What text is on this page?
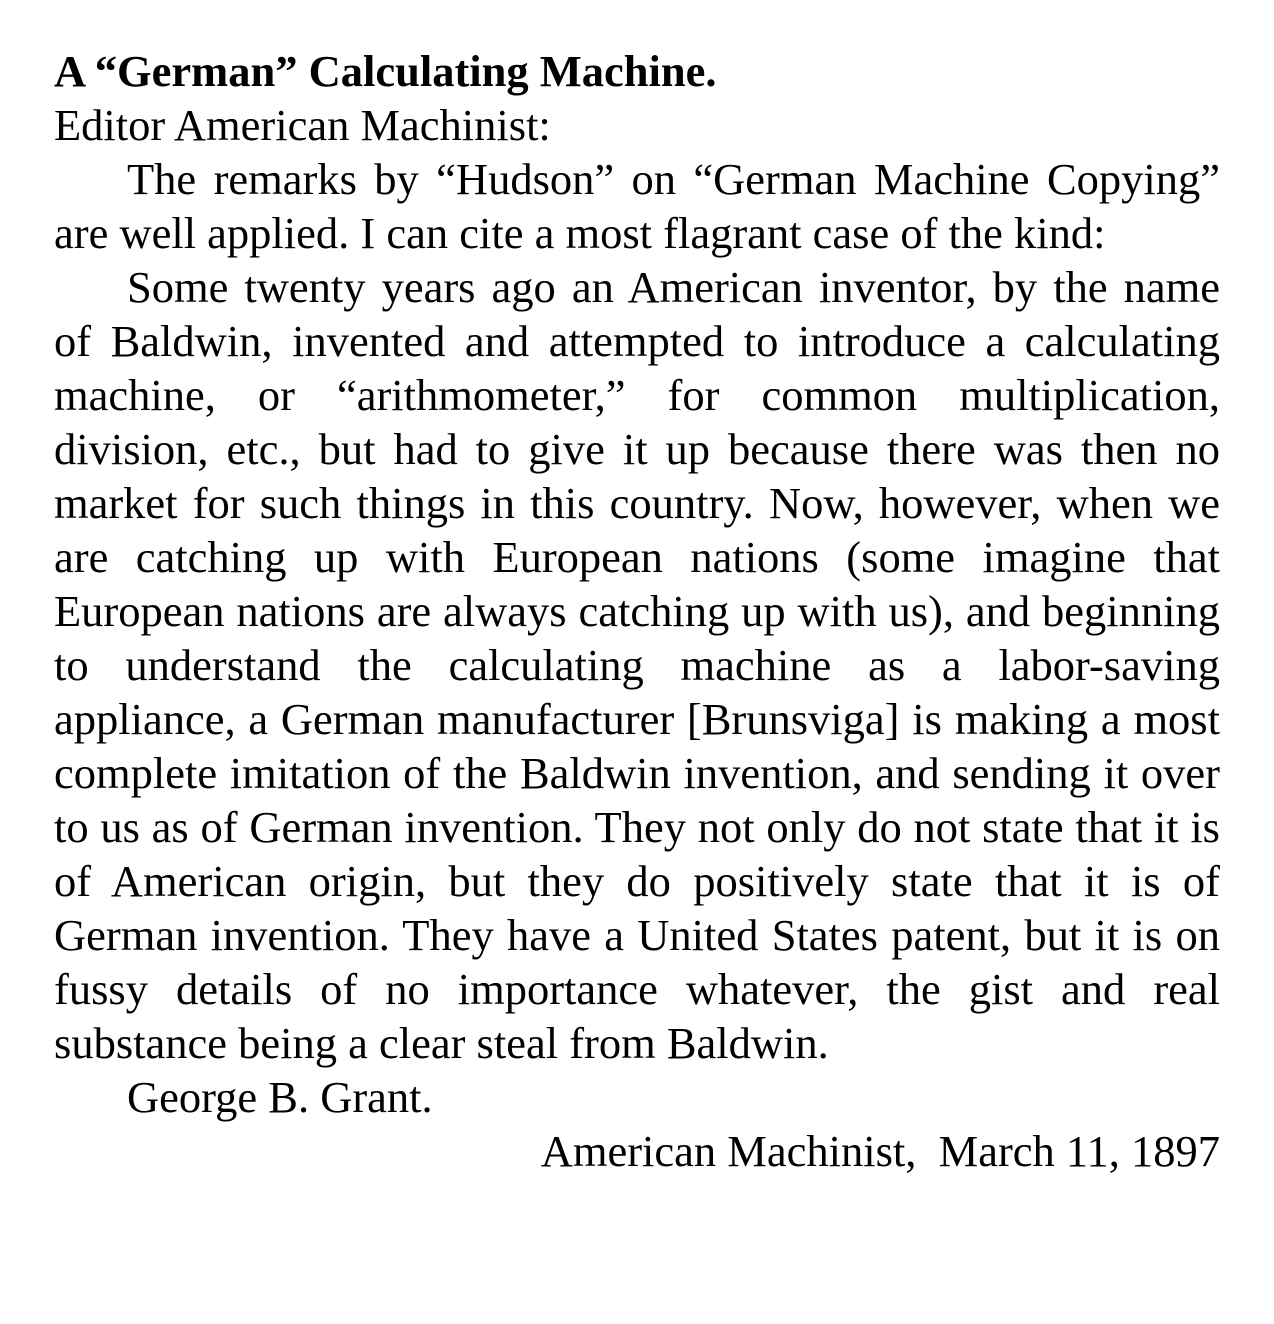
A “German” Calculating Machine.
Editor American Machinist:
The remarks by “Hudson” on “German Machine Copying” are well applied. I can cite a most flagrant case of the kind:
Some twenty years ago an American inventor, by the name of Baldwin, invented and attempted to introduce a calculating machine, or “arithmometer,” for common multiplication, division, etc., but had to give it up because there was then no market for such things in this country. Now, however, when we are catching up with European nations (some imagine that European nations are always catching up with us), and beginning to understand the calculating machine as a labor-saving appliance, a German manufacturer [Brunsviga] is making a most complete imitation of the Baldwin invention, and sending it over to us as of German invention. They not only do not state that it is of American origin, but they do positively state that it is of German invention. They have a United States patent, but it is on fussy details of no importance whatever, the gist and real substance being a clear steal from Baldwin.
George B. Grant.
American Machinist,  March 11, 1897
